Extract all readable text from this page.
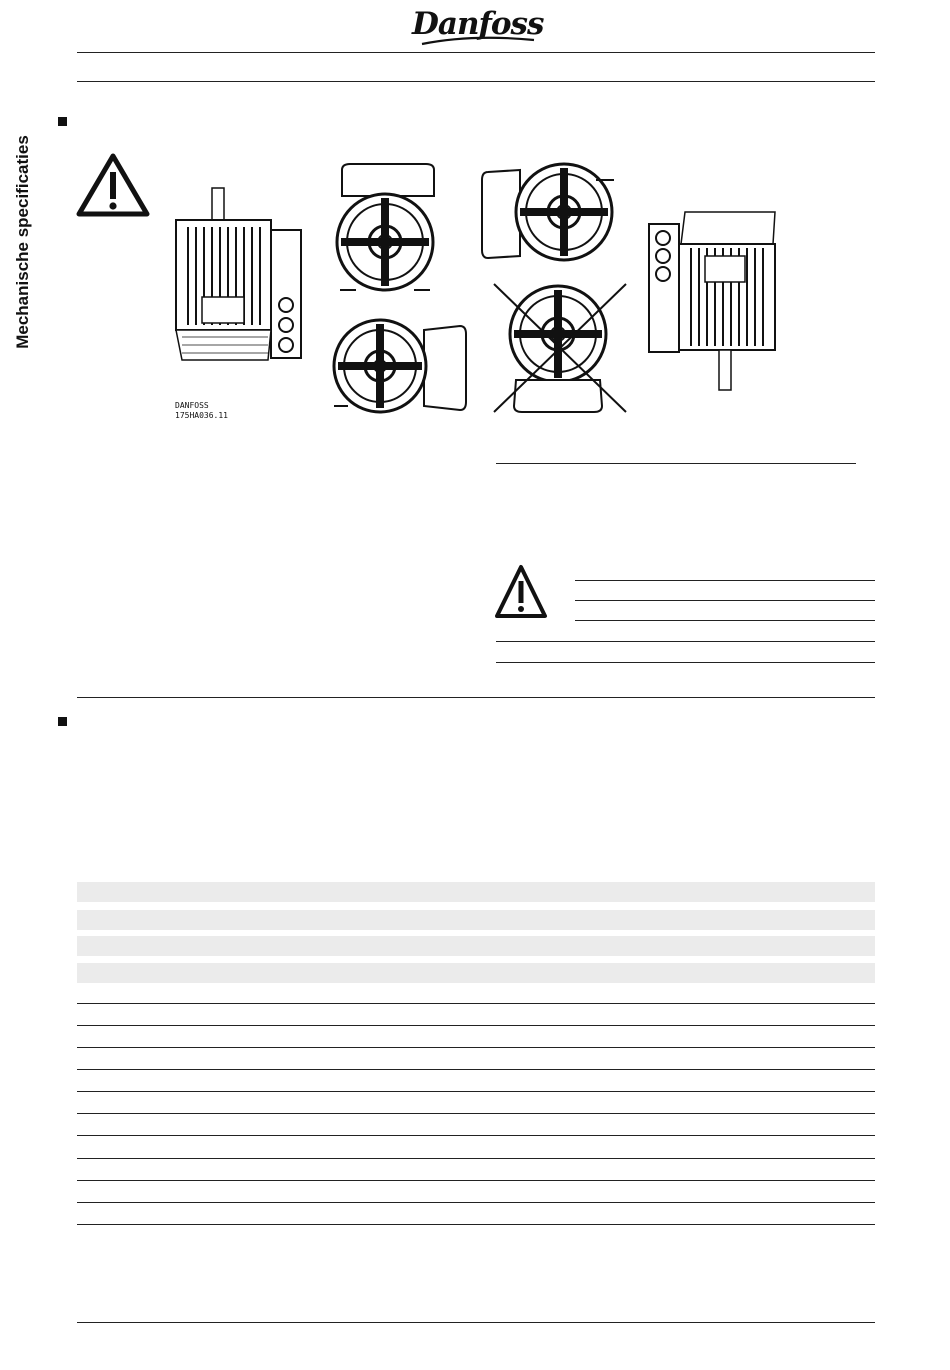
Danfoss
Mechanische specificaties
DANFOSS
175HA036.11
